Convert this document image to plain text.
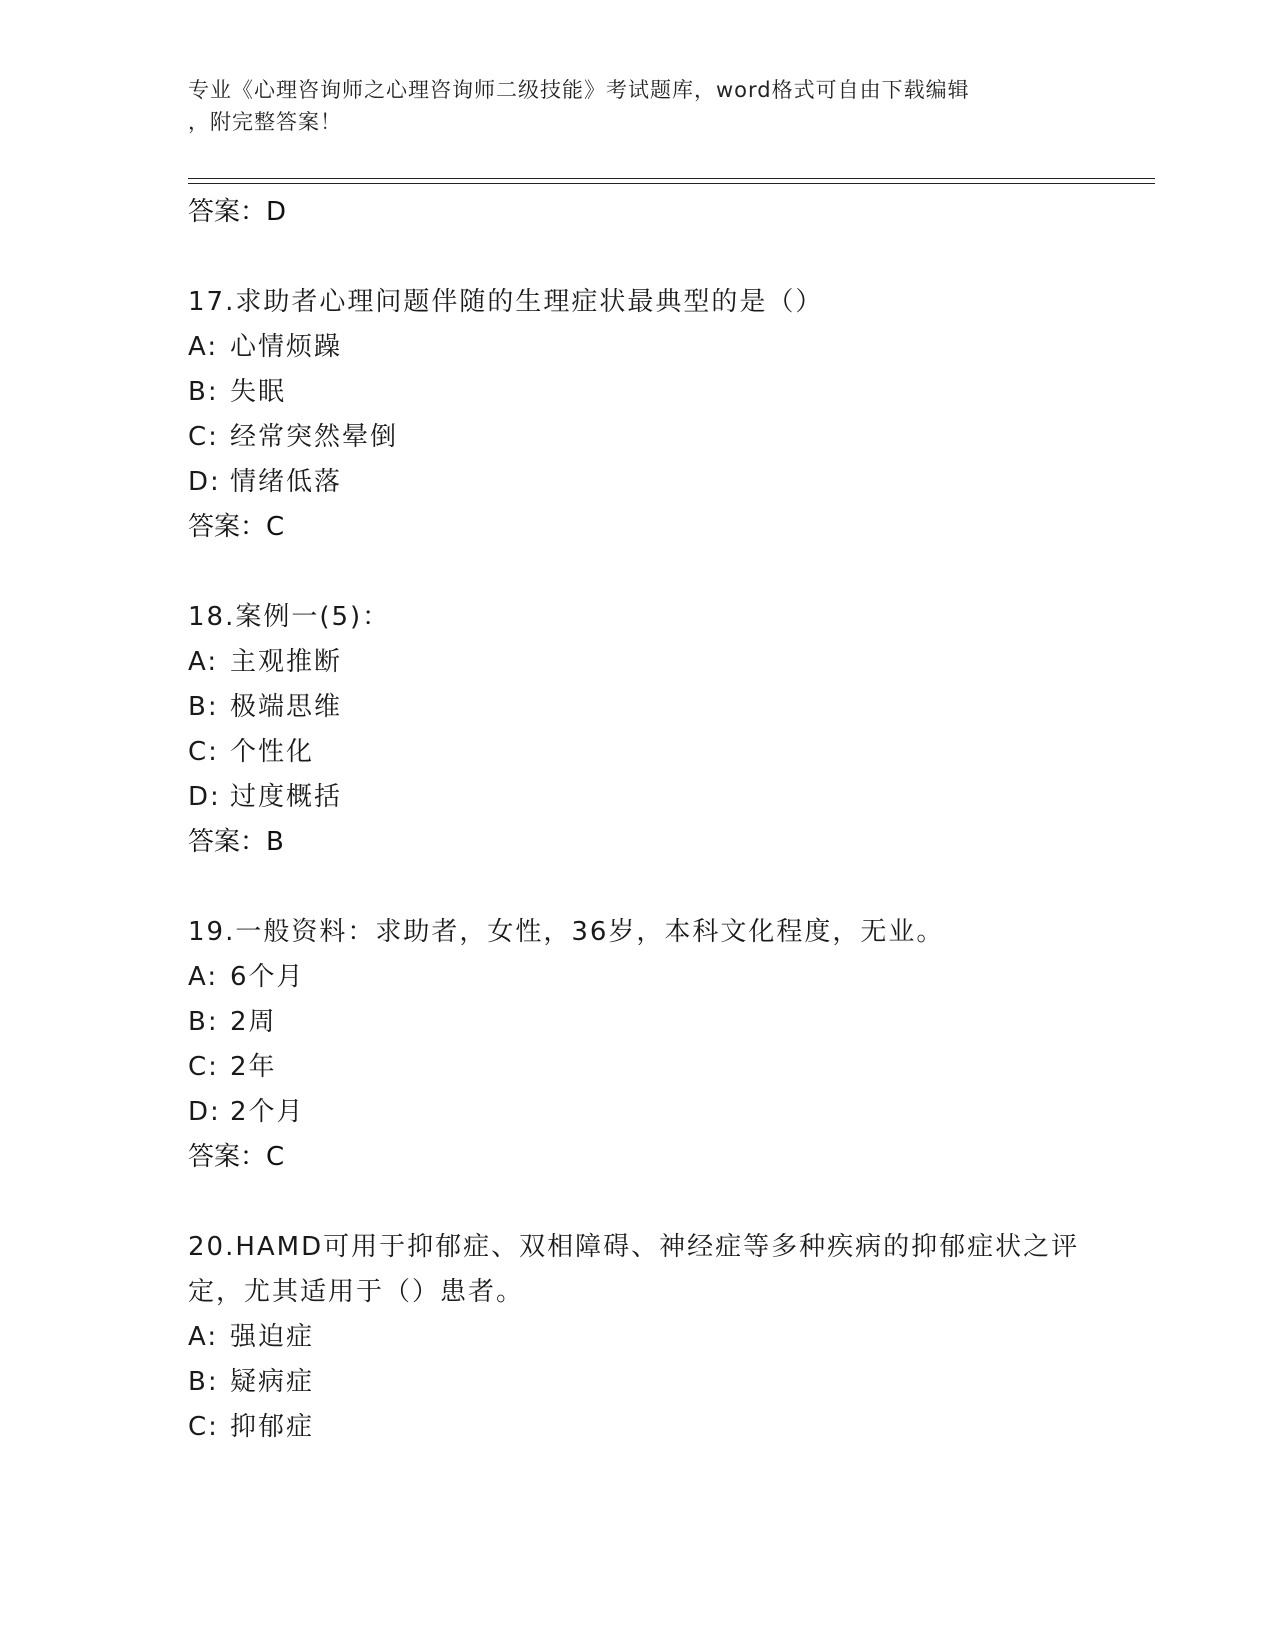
专业《心理咨询师之心理咨询师二级技能》考试题库，word格式可自由下载编辑
，附完整答案！

答案：D

17.求助者心理问题伴随的生理症状最典型的是（）

A: 心情烦躁

B: 失眠

C: 经常突然晕倒

D: 情绪低落

答案：C

18.案例一(5)：

A: 主观推断

B: 极端思维

C: 个性化

D: 过度概括

答案：B

19.一般资料：求助者，女性，36岁，本科文化程度，无业。

A: 6个月

B: 2周

C: 2年

D: 2个月

答案：C

20.HAMD可用于抑郁症、双相障碍、神经症等多种疾病的抑郁症状之评

定，尤其适用于（）患者。

A: 强迫症

B: 疑病症

C: 抑郁症
